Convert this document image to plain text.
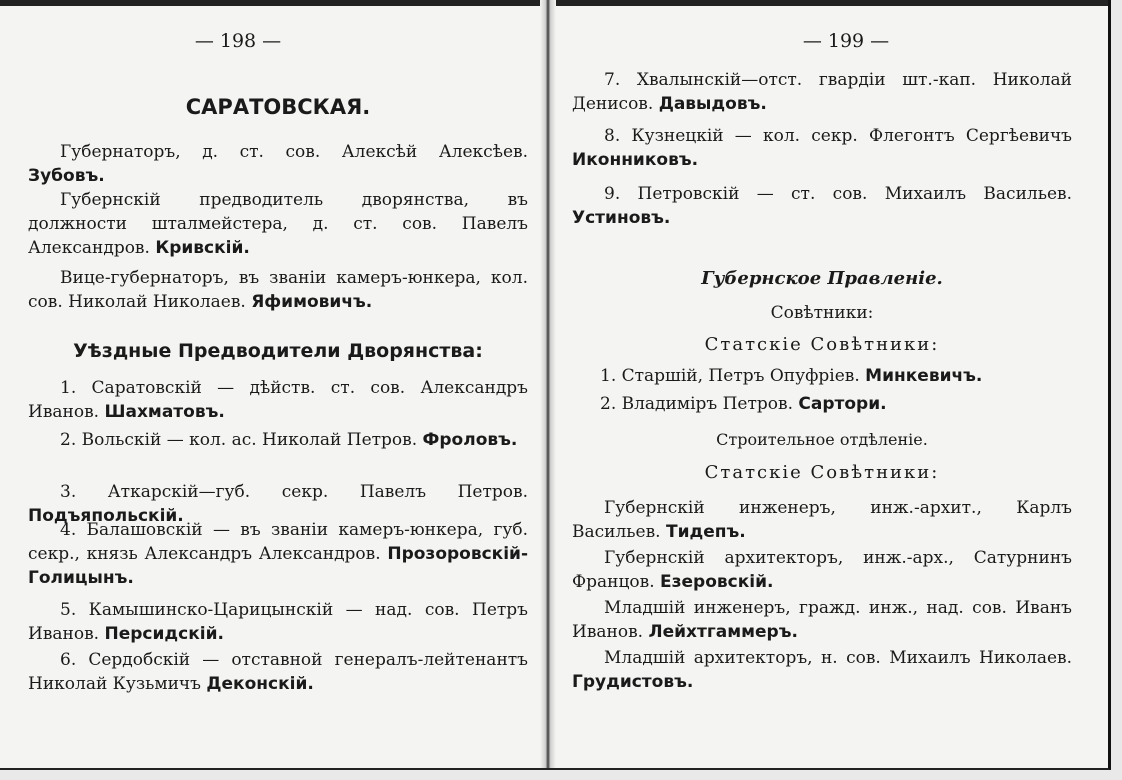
— 198 —
САРАТОВСКАЯ.
Губернаторъ, д. ст. сов. Алексѣй Алексѣев. Зубовъ.
Губернскій предводитель дворянства, въ должности шталмейстера, д. ст. сов. Павелъ Александров. Кривскій.
Вице-губернаторъ, въ званіи камеръ-юнкера, кол. сов. Николай Николаев. Яфимовичъ.
Уѣздные Предводители Дворянства:
1. Саратовскій — дѣйств. ст. сов. Александръ Иванов. Шахматовъ.
2. Вольскій — кол. ас. Николай Петров. Фроловъ.
3. Аткарскій—губ. секр. Павелъ Петров. Подъяпольскій.
4. Балашовскій — въ званіи камеръ-юнкера, губ. секр., князь Александръ Александров. Прозоровскій-Голицынъ.
5. Камышинско-Царицынскій — над. сов. Петръ Иванов. Персидскій.
6. Сердобскій — отставной генералъ-лейтенантъ Николай Кузьмичъ Деконскій.
— 199 —
7. Хвалынскій—отст. гвардіи шт.-кап. Николай Денисов. Давыдовъ.
8. Кузнецкій — кол. секр. Флегонтъ Сергѣевичъ Иконниковъ.
9. Петровскій — ст. сов. Михаилъ Васильев. Устиновъ.
Губернское Правленіе.
Совѣтники:
Статскіе Совѣтники:
1. Старшій, Петръ Опуфріев. Минкевичъ.
2. Владиміръ Петров. Сартори.
Строительное отдѣленіе.
Статскіе Совѣтники:
Губернскій инженеръ, инж.-архит., Карлъ Васильев. Тидепъ.
Губернскій архитекторъ, инж.-арх., Сатурнинъ Францов. Езеровскій.
Младшій инженеръ, гражд. инж., над. сов. Иванъ Иванов. Лейхтгаммеръ.
Младшій архитекторъ, н. сов. Михаилъ Николаев. Грудистовъ.
